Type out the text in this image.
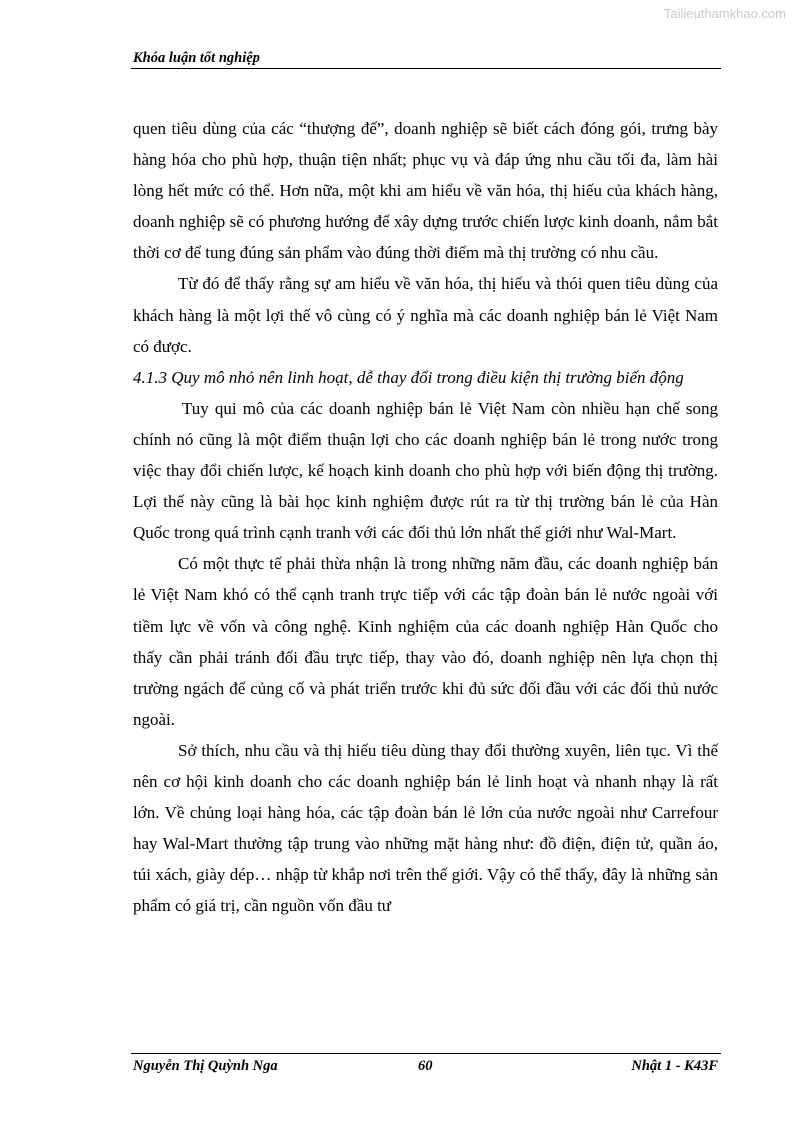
Tailieuthamkhao.com
Khóa luận tốt nghiệp

quen tiêu dùng của các “thượng đế”, doanh nghiệp sẽ biết cách đóng gói, trưng bày hàng hóa cho phù hợp, thuận tiện nhất; phục vụ và đáp ứng nhu cầu tối đa, làm hài lòng hết mức có thể. Hơn nữa, một khi am hiểu về văn hóa, thị hiếu của khách hàng, doanh nghiệp sẽ có phương hướng để xây dựng trước chiến lược kinh doanh, nắm bắt thời cơ để tung đúng sản phẩm vào đúng thời điểm mà thị trường có nhu cầu.

Từ đó để thấy rằng sự am hiểu về văn hóa, thị hiếu và thói quen tiêu dùng của khách hàng là một lợi thế vô cùng có ý nghĩa mà các doanh nghiệp bán lẻ Việt Nam có được.

4.1.3 Quy mô nhỏ nên linh hoạt, dễ thay đổi trong điều kiện thị trường biến động

Tuy qui mô của các doanh nghiệp bán lẻ Việt Nam còn nhiều hạn chế song chính nó cũng là một điểm thuận lợi cho các doanh nghiệp bán lẻ trong nước trong việc thay đổi chiến lược, kế hoạch kinh doanh cho phù hợp với biến động thị trường. Lợi thế này cũng là bài học kinh nghiệm được rút ra từ thị trường bán lẻ của Hàn Quốc trong quá trình cạnh tranh với các đối thủ lớn nhất thế giới như Wal-Mart.

Có một thực tế phải thừa nhận là trong những năm đầu, các doanh nghiệp bán lẻ Việt Nam khó có thể cạnh tranh trực tiếp với các tập đoàn bán lẻ nước ngoài với tiềm lực về vốn và công nghệ. Kinh nghiệm của các doanh nghiệp Hàn Quốc cho thấy cần phải tránh đối đầu trực tiếp, thay vào đó, doanh nghiệp nên lựa chọn thị trường ngách để củng cố và phát triển trước khi đủ sức đối đầu với các đối thủ nước ngoài.

Sở thích, nhu cầu và thị hiếu tiêu dùng thay đổi thường xuyên, liên tục. Vì thế nên cơ hội kinh doanh cho các doanh nghiệp bán lẻ linh hoạt và nhanh nhạy là rất lớn. Về chủng loại hàng hóa, các tập đoàn bán lẻ lớn của nước ngoài như Carrefour hay Wal-Mart thường tập trung vào những mặt hàng như: đồ điện, điện tử, quần áo, túi xách, giày dép… nhập từ khắp nơi trên thế giới. Vậy có thể thấy, đây là những sản phẩm có giá trị, cần nguồn vốn đầu tư

Nguyễn Thị Quỳnh Nga	60	Nhật 1 - K43F
